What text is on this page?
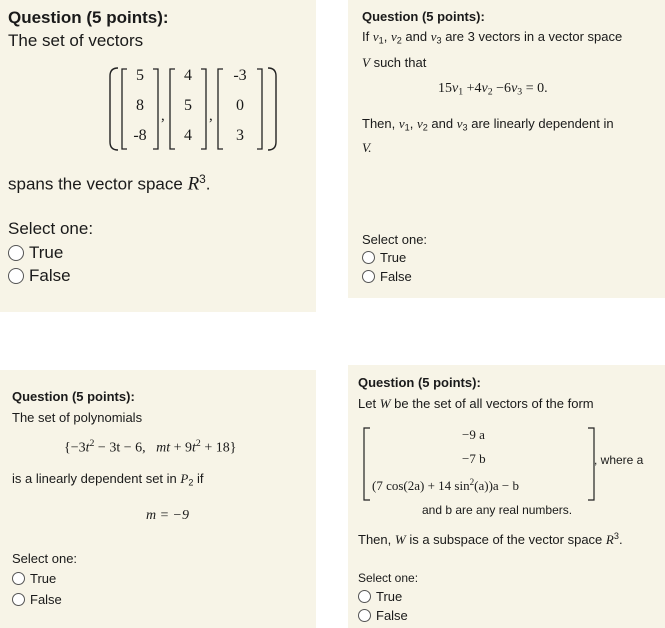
Question (5 points):
The set of vectors
5
8
-8
,
4
5
4
,
-3
0
3
spans the vector space $R^3$.
Select one:
True
False
Question (5 points):
If $v_1$, $v_2$ and $v_3$ are 3 vectors in a vector space
V such that
$15v_1 +4v_2 -6v_3 = 0$.
Then, $v_1$, $v_2$ and $v_3$ are linearly dependent in
V.
Select one:
True
False
Question (5 points):
The set of polynomials
{$-3t^2 - 3t - 6$, mt + $9t^2 + 18$}
is a linearly dependent set in $P_2$ if
m = −9
Select one:
True
False
Question (5 points):
Let W be the set of all vectors of the form
−9 a
−7 b
(7 cos(2a) + 14 $\sin^2(a))a - b$
, where a
and b are any real numbers.
Then, W is a subspace of the vector space $R^3$.
Select one:
True
False
